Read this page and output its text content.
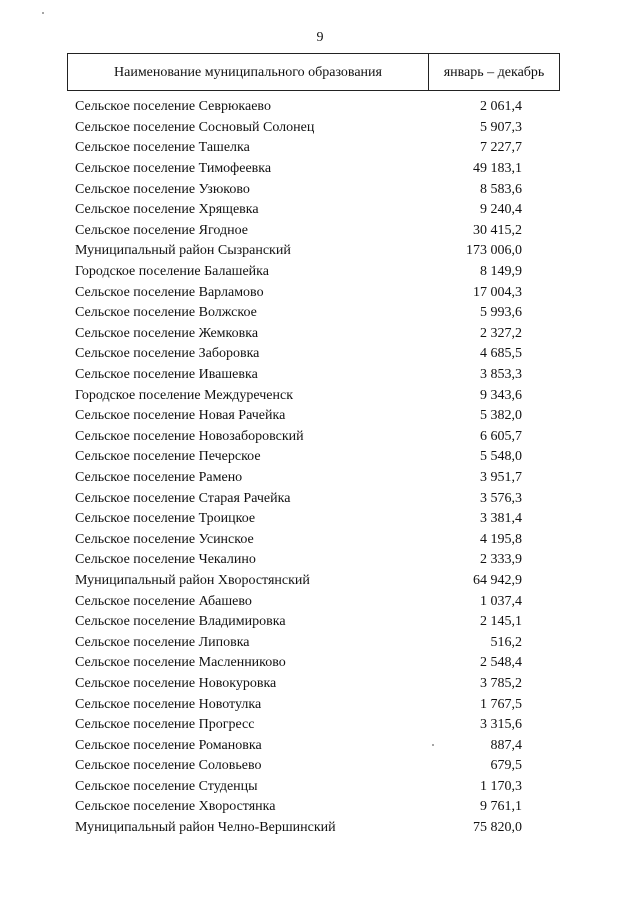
9
Наименование муниципального образования	январь – декабрь
Сельское поселение Севрюкаево	2 061,4
Сельское поселение Сосновый Солонец	5 907,3
Сельское поселение Ташелка	7 227,7
Сельское поселение Тимофеевка	49 183,1
Сельское поселение Узюково	8 583,6
Сельское поселение Хрящевка	9 240,4
Сельское поселение Ягодное	30 415,2
Муниципальный район Сызранский	173 006,0
Городское поселение Балашейка	8 149,9
Сельское поселение Варламово	17 004,3
Сельское поселение Волжское	5 993,6
Сельское поселение Жемковка	2 327,2
Сельское поселение Заборовка	4 685,5
Сельское поселение Ивашевка	3 853,3
Городское поселение Междуреченск	9 343,6
Сельское поселение Новая Рачейка	5 382,0
Сельское поселение Новозаборовский	6 605,7
Сельское поселение Печерское	5 548,0
Сельское поселение Рамено	3 951,7
Сельское поселение Старая Рачейка	3 576,3
Сельское поселение Троицкое	3 381,4
Сельское поселение Усинское	4 195,8
Сельское поселение Чекалино	2 333,9
Муниципальный район Хворостянский	64 942,9
Сельское поселение Абашево	1 037,4
Сельское поселение Владимировка	2 145,1
Сельское поселение Липовка	516,2
Сельское поселение Масленниково	2 548,4
Сельское поселение Новокуровка	3 785,2
Сельское поселение Новотулка	1 767,5
Сельское поселение Прогресс	3 315,6
Сельское поселение Романовка	887,4
Сельское поселение Соловьево	679,5
Сельское поселение Студенцы	1 170,3
Сельское поселение Хворостянка	9 761,1
Муниципальный район Челно-Вершинский	75 820,0
